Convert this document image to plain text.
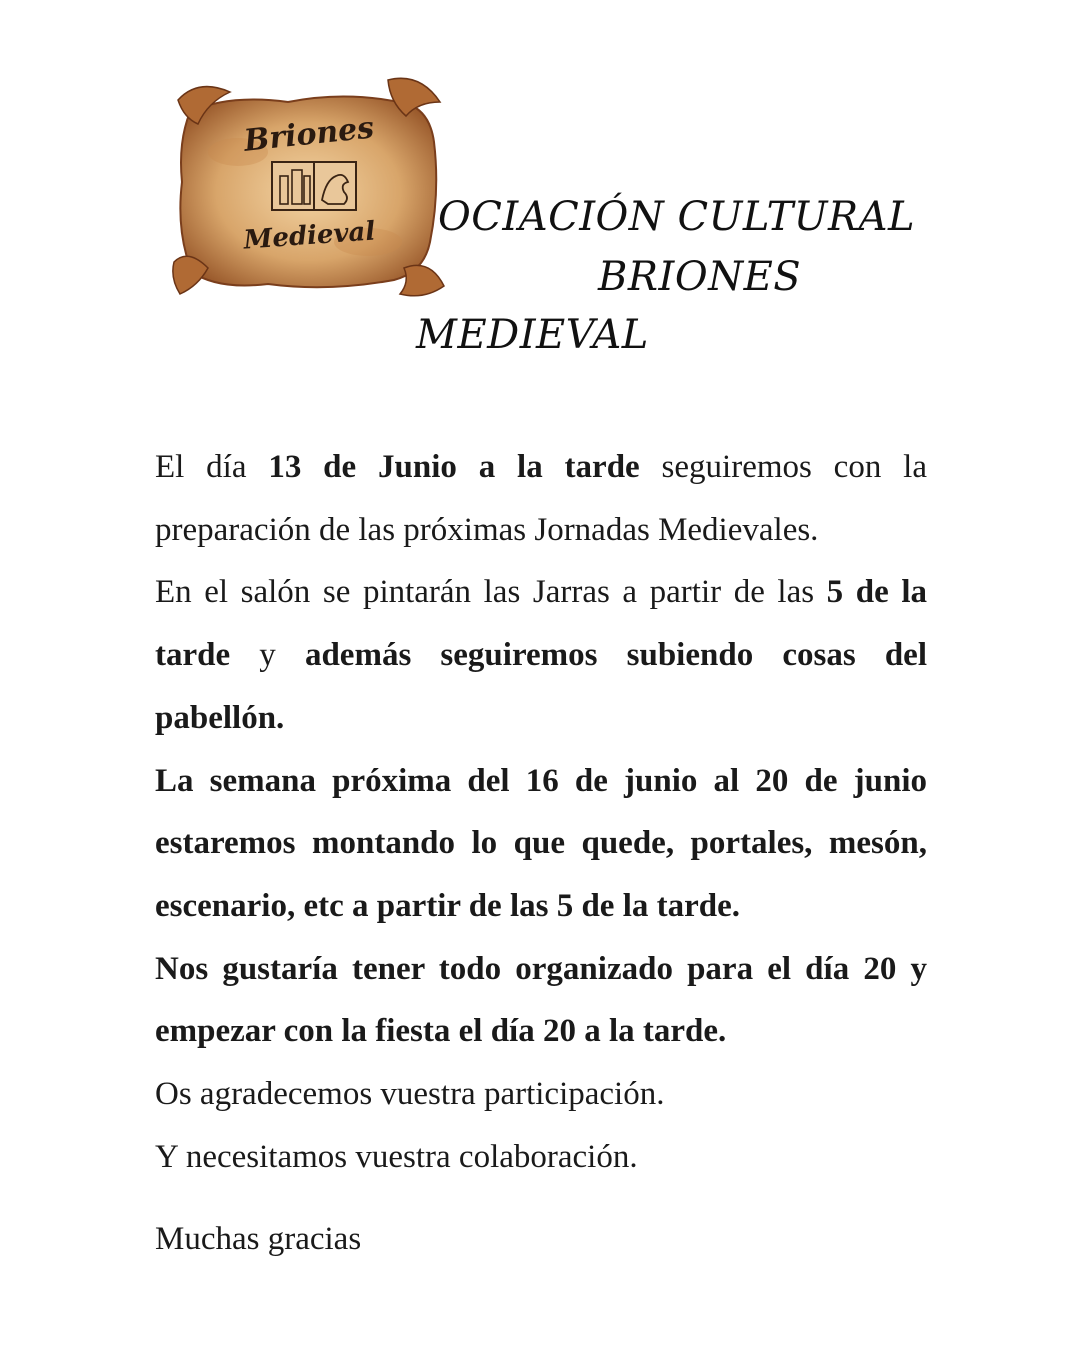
Briones
Medieval OCIACIÓN CULTURAL
BRIONES
MEDIEVAL

El día 13 de Junio a la tarde seguiremos con la preparación de las próximas Jornadas Medievales.

En el salón se pintarán las Jarras a partir de las 5 de la tarde y además seguiremos subiendo cosas del pabellón.

La semana próxima del 16 de junio al 20 de junio estaremos montando lo que quede, portales, mesón, escenario, etc a partir de las 5 de la tarde.

Nos gustaría tener todo organizado para el día 20 y empezar con la fiesta el día 20 a la tarde.

Os agradecemos vuestra participación.

Y necesitamos vuestra colaboración.

Muchas gracias
